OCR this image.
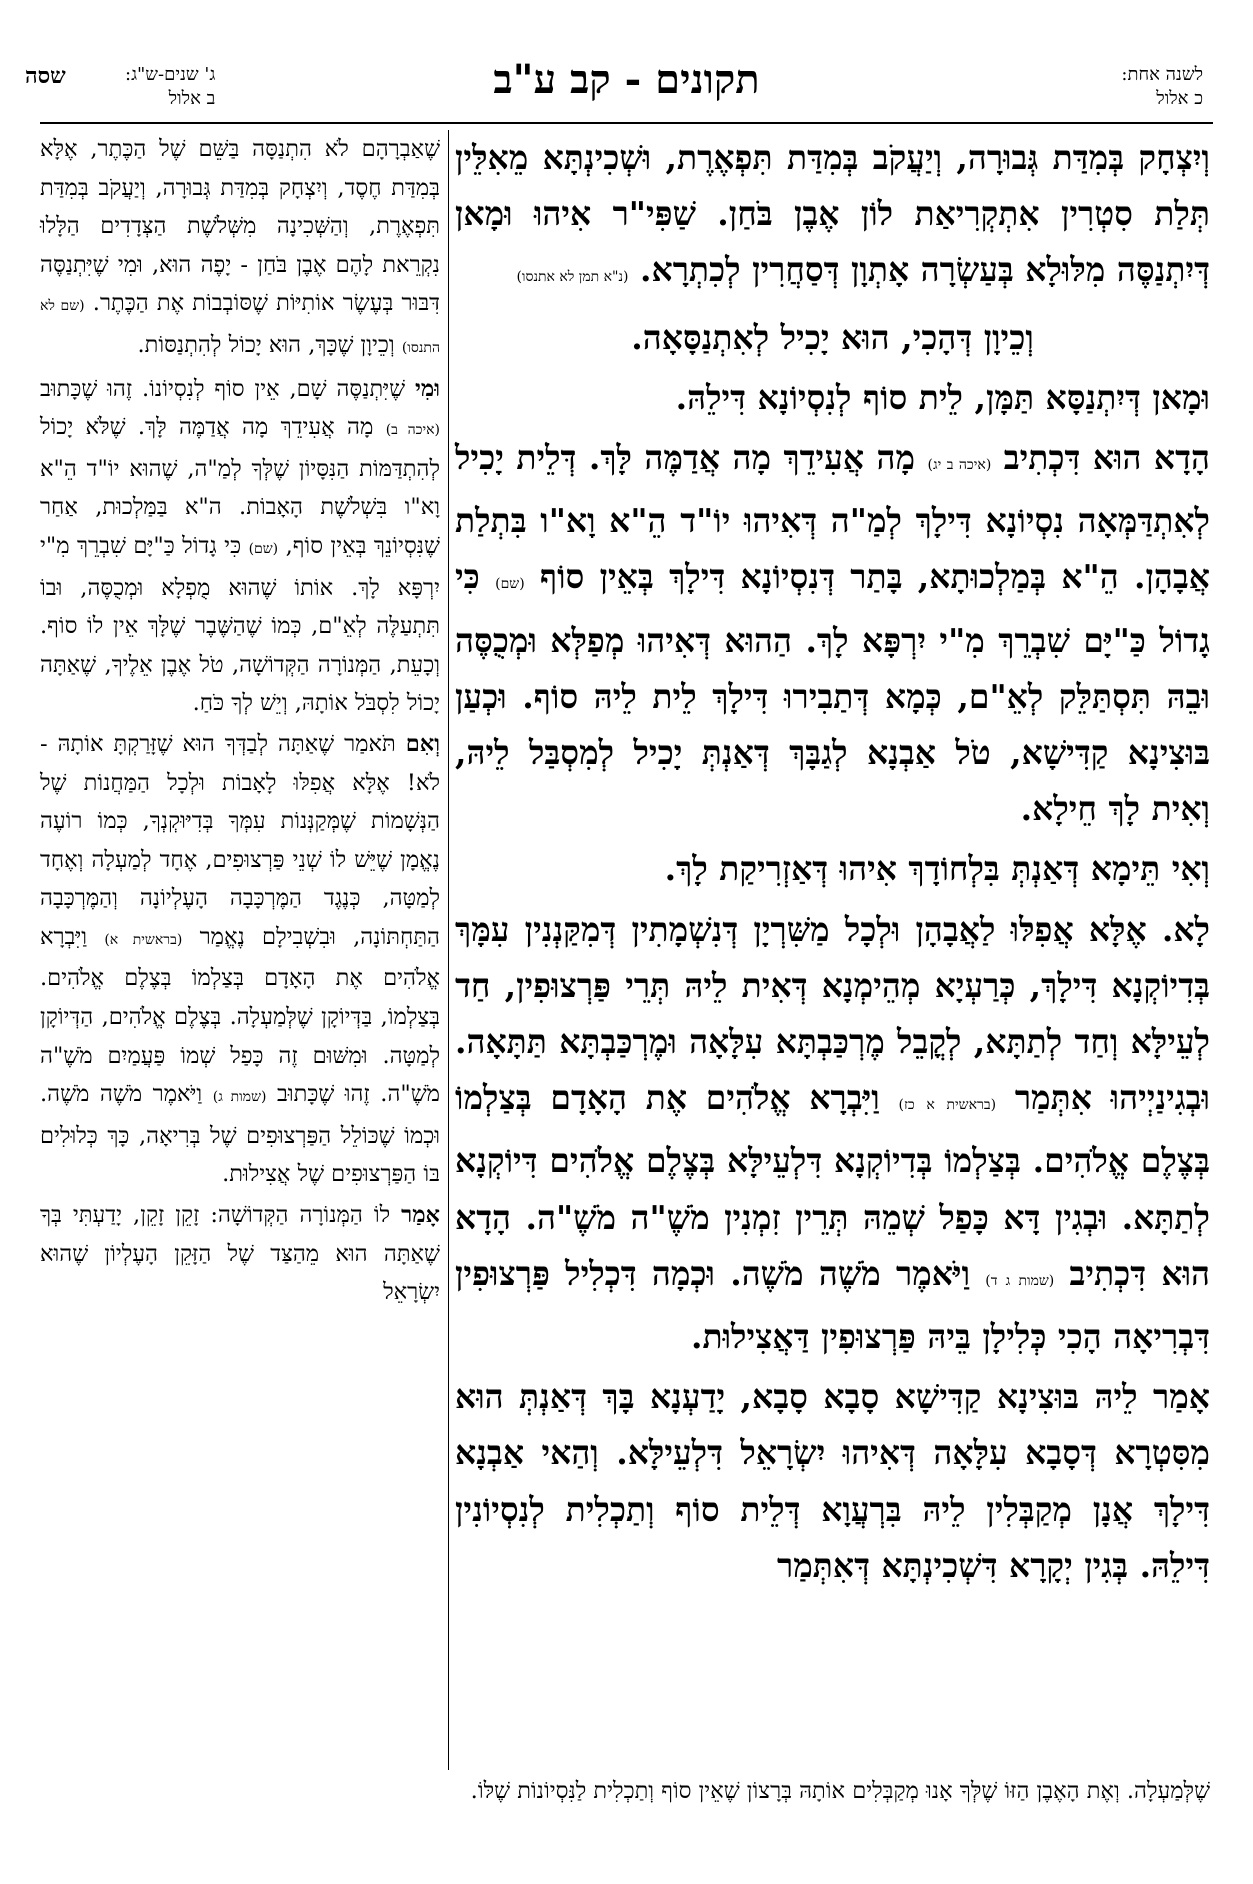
לשנה אחת:
כ אלול
תקונים - קב ע"ב
ג' שנים-ש"ג:
ב אלול
שסה

וְיִצְחָק בְּמִדַּת גְּבוּרָה, וְיַעֲקֹב בְּמִדַּת תִּפְאֶרֶת, וּשְׁכִינְתָּא מֵאִלֵּין תְּלַת סִטְרִין אִתְקְרִיאַת לוֹן אֶבֶן בֹּחַן. שַׁפִּי"ר אִיהוּ וּמָאן דְּיִתְנַסֶּה מִלּוּלָא בְּעַשְׂרָה אָתְוָן דְּסַחֲרִין לְכִתְרָא. (נ"א תמן לא אתנסו)

וְכֵיוָן דְּהָכִי, הוּא יָכִיל לְאִתְנַסָּאָה.

וּמָאן דְּיִתְנַסָּא תַּמָּן, לֵית סוֹף לְנִסְיוֹנָא דִּילֵהּ.

הָדָא הוּא דִּכְתִיב (איכה ב יג) מָה אֲעִידֵךְ מָה אֲדַמֶּה לָּךְ. דְּלֵית יָכִיל לְאִתְדַּמְּאָה נִסְיוֹנָא דִּילָךְ לְמַ"ה דְּאִיהוּ יוֹ"ד הֵ"א וָא"ו בִּתְלַת אֲבָהָן. הֵ"א בְּמַלְכוּתָא, בָּתַר דְּנִסְיוֹנָא דִּילָךְ בְּאֵין סוֹף (שם) כִּי גָדוֹל כַּ"יָּם שִׁבְרֵךְ מִ"י יִרְפָּא לָךְ. הַהוּא דְּאִיהוּ מְפַלְּא וּמְכֻסֶּה וּבֵהּ תִּסְתַּלֵּק לְאֵ"ם, כְּמָא דְּתַבִירוּ דִּילָךְ לֵית לֵיהּ סוֹף. וּכְעַן בּוּצִינָא קַדִּישָׁא, טֹל אַבְנָא לְגַבָּךְ דְּאַנְתְּ יָכִיל לְמִסְבַּל לֵיהּ, וְאִית לָךְ חֵילָא.

וְאִי תֵּימָא דְּאַנְתְּ בִּלְחוֹדָךְ אִיהוּ דְּאַזְרִיקַת לָךְ.

לָא. אֶלָּא אֲפִלּוּ לַאֲבָהָן וּלְכָל מַשִּׁרְיָן דְּנִשְׁמָתִין דְּמִקַּנְנִין עִמָּךְ בְּדִיוֹקְנָא דִּילָךְ, כְּרַעְיָא מְהֵימְנָא דְּאִית לֵיהּ תְּרֵי פַּרְצוּפִין, חַד לְעֵילָּא וְחַד לְתַתָּא, לְקֳבֵל מֶרְכַּבְתָּא עִלָּאָה וּמֶרְכַּבְתָּא תַּתָּאָה. וּבְגִינַיְיהוּ אִתְּמַר (בראשית א כז) וַיִּבְרָא אֱלֹהִים אֶת הָאָדָם בְּצַלְמוֹ בְּצֶלֶם אֱלֹהִים. בְּצַלְמוֹ בְּדִיוֹקְנָא דִּלְעֵילָּא בְּצֶלֶם אֱלֹהִים דִּיוֹקְנָא לְתַתָּא. וּבְגִין דָּא כָּפַל שְׁמֵהּ תְּרֵין זִמְנִין מֹשֶׁ"ה מֹשֶׁ"ה. הָדָא הוּא דִּכְתִיב (שמות ג ד) וַיֹּאמֶר מֹשֶׁה מֹשֶׁה. וּכְמָה דִּכְלִיל פַּרְצוּפִין דִּבְרִיאָה הָכִי כְּלִילָן בֵּיהּ פַּרְצוּפִין דַּאֲצִילוּת.

אָמַר לֵיהּ בּוּצִינָא קַדִּישָׁא סָבָא סָבָא, יָדַעְנָא בָּךְ דְּאַנְתְּ הוּא מִסִּטְרָא דְּסָבָא עִלָּאָה דְּאִיהוּ יִשְׂרָאֵל דִּלְעֵילָּא. וְהַאי אַבְנָא דִּילָךְ אֲנָן מְקַבְּלִין לֵיהּ בִּרְעֲוָא דְּלֵית סוֹף וְתַכְלִית לְנִסְיוֹנִין דִּילֵהּ. בְּגִין יְקָרָא דִּשְׁכִינְתָּא דְּאִתְּמַר

שֶׁאַבְרָהָם לֹא הִתְנַסָּה בַּשֵּׁם שֶׁל הַכֶּתֶר, אֶלָּא בְּמִדַּת חֶסֶד, וְיִצְחָק בְּמִדַּת גְּבוּרָה, וְיַעֲקֹב בְּמִדַּת תִּפְאֶרֶת, וְהַשְּׁכִינָה מִשְּׁלֹשֶׁת הַצְּדָדִים הַלָּלוּ נִקְרֵאת לָהֶם אֶבֶן בֹּחַן - יָפֶה הוּא, וּמִי שֶׁיִּתְנַסֶּה דִּבּוּר בְּעֶשֶׂר אוֹתִיּוֹת שֶׁסּוֹבְבוֹת אֶת הַכֶּתֶר. (שם לא התנסו) וְכֵיוָן שֶׁכָּךְ, הוּא יָכוֹל לְהִתְנַסּוֹת.

וּמִי שֶׁיִּתְנַסֶּה שָׁם, אֵין סוֹף לְנִסְיוֹנוֹ. זֶהוּ שֶׁכָּתוּב (איכה ב) מָה אֲעִידֵךְ מָה אֲדַמֶּה לָּךְ. שֶׁלֹּא יָכוֹל לְהִתְדַּמּוֹת הַנִּסָּיוֹן שֶׁלְּךָ לְמַ"ה, שֶׁהוּא יוֹ"ד הֵ"א וָא"ו בִּשְׁלֹשֶׁת הָאָבוֹת. ה"א בַּמַּלְכוּת, אַחַר שֶׁנִּסְיוֹנֵךְ בְּאֵין סוֹף, (שם) כִּי גָדוֹל כַּ"יָּם שִׁבְרֵךְ מִ"י יִרְפָּא לָךְ. אוֹתוֹ שֶׁהוּא מֻפְלָא וּמְכֻסֶּה, וּבוֹ תִּתְעַלֶּה לְאֵ"ם, כְּמוֹ שֶׁהַשֶּׁבֶר שֶׁלָּךְ אֵין לוֹ סוֹף. וְכָעֵת, הַמְּנוֹרָה הַקְּדוֹשָׁה, טֹל אֶבֶן אֵלֶיךָ, שֶׁאַתָּה יָכוֹל לִסְבֹּל אוֹתָהּ, וְיֵשׁ לְךָ כֹּחַ.

וְאִם תֹּאמַר שֶׁאַתָּה לְבַדְּךָ הוּא שֶׁזָּרַקְתָּ אוֹתָהּ - לֹא! אֶלָּא אֲפִלּוּ לָאָבוֹת וּלְכָל הַמַּחֲנוֹת שֶׁל הַנְּשָׁמוֹת שֶׁמְּקַנְּנוֹת עִמְּךָ בְּדִיּוּקְנְךָ, כְּמוֹ רוֹעֶה נֶאֱמָן שֶׁיֵּשׁ לוֹ שְׁנֵי פַּרְצוּפִים, אֶחָד לְמַעְלָה וְאֶחָד לְמַטָּה, כְּנֶגֶד הַמֶּרְכָּבָה הָעֶלְיוֹנָה וְהַמֶּרְכָּבָה הַתַּחְתּוֹנָה, וּבִשְׁבִילָם נֶאֱמַר (בראשית א) וַיִּבְרָא אֱלֹהִים אֶת הָאָדָם בְּצַלְמוֹ בְּצֶלֶם אֱלֹהִים. בְּצַלְמוֹ, בַּדְּיוֹקָן שֶׁלְּמַעְלָה. בְּצֶלֶם אֱלֹהִים, הַדְּיוֹקָן לְמַטָּה. וּמִשּׁוּם זֶה כָּפַל שְׁמוֹ פַּעֲמַיִם מֹשֶׁ"ה מֹשֶׁ"ה. זֶהוּ שֶׁכָּתוּב (שמות ג) וַיֹּאמֶר מֹשֶׁה מֹשֶׁה. וּכְמוֹ שֶׁכּוֹלֵל הַפַּרְצוּפִים שֶׁל בְּרִיאָה, כָּךְ כְּלוּלִים בּוֹ הַפַּרְצוּפִים שֶׁל אֲצִילוּת.

אָמַר לוֹ הַמְּנוֹרָה הַקְּדוֹשָׁה: זָקֵן זָקֵן, יָדַעְתִּי בְּךָ שֶׁאַתָּה הוּא מֵהַצַּד שֶׁל הַזָּקֵן הָעֶלְיוֹן שֶׁהוּא יִשְׂרָאֵל

שֶׁלְּמַעְלָה. וְאֶת הָאֶבֶן הַזּוֹ שֶׁלְּךָ אָנוּ מְקַבְּלִים אוֹתָהּ בְּרָצוֹן שֶׁאֵין סוֹף וְתַכְלִית לַנִּסְיוֹנוֹת שֶׁלּוֹ.
